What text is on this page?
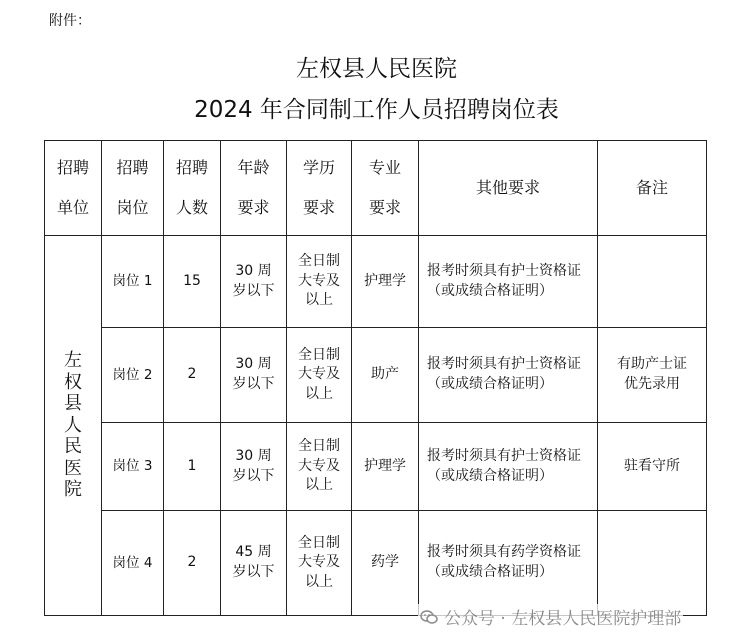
附件：
左权县人民医院
2024 年合同制工作人员招聘岗位表
招聘单位	招聘岗位	招聘人数	年龄要求	学历要求	专业要求	其他要求	备注
左权县人民医院	岗位 1	15	30 周岁以下	全日制大专及以上	护理学	报考时须具有护士资格证（或成绩合格证明）	
	岗位 2	2	30 周岁以下	全日制大专及以上	助产	报考时须具有护士资格证（或成绩合格证明）	有助产士证优先录用
	岗位 3	1	30 周岁以下	全日制大专及以上	护理学	报考时须具有护士资格证（或成绩合格证明）	驻看守所
	岗位 4	2	45 周岁以下	全日制大专及以上	药学	报考时须具有药学资格证（或成绩合格证明）	
公众号 · 左权县人民医院护理部
